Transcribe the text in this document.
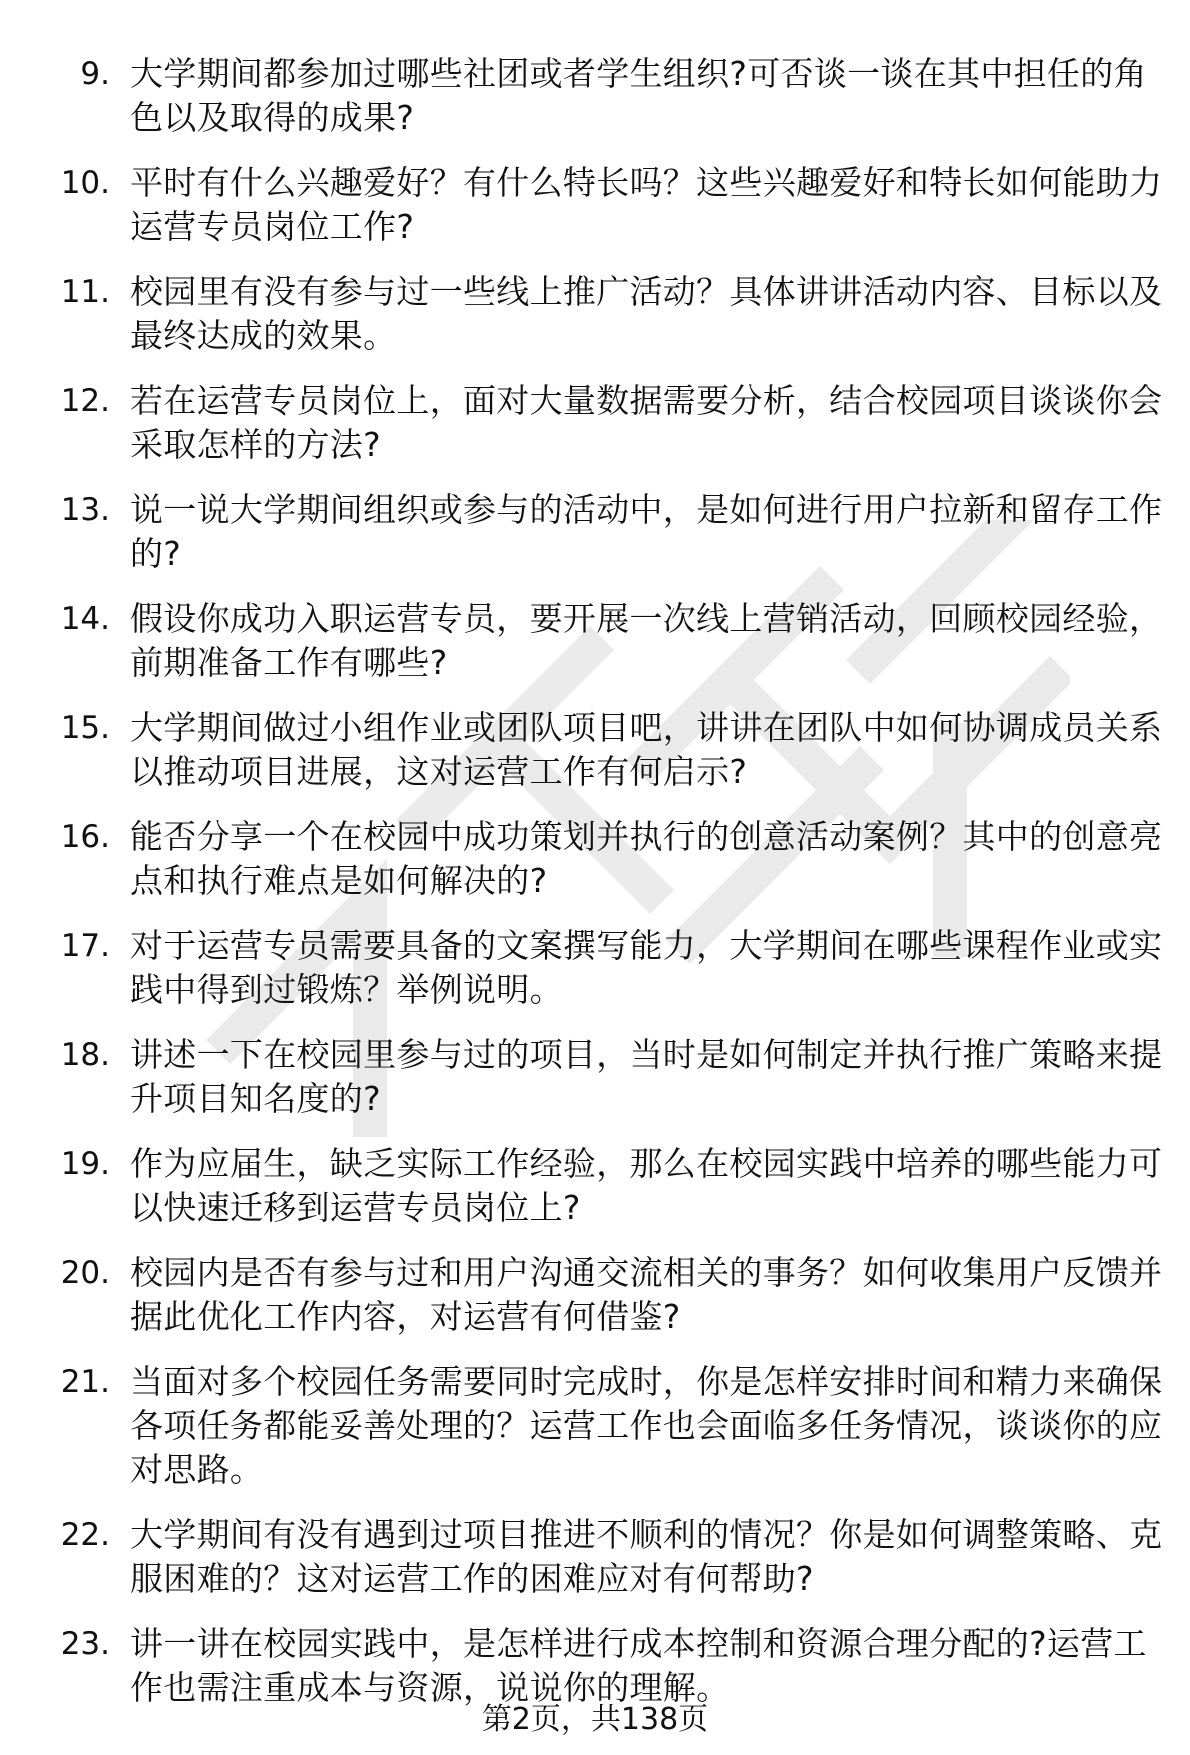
9. 大学期间都参加过哪些社团或者学生组织?可否谈一谈在其中担任的角色以及取得的成果?
10. 平时有什么兴趣爱好？有什么特长吗？这些兴趣爱好和特长如何能助力运营专员岗位工作?
11. 校园里有没有参与过一些线上推广活动？具体讲讲活动内容、目标以及最终达成的效果。
12. 若在运营专员岗位上，面对大量数据需要分析，结合校园项目谈谈你会采取怎样的方法?
13. 说一说大学期间组织或参与的活动中，是如何进行用户拉新和留存工作的?
14. 假设你成功入职运营专员，要开展一次线上营销活动，回顾校园经验，前期准备工作有哪些?
15. 大学期间做过小组作业或团队项目吧，讲讲在团队中如何协调成员关系以推动项目进展，这对运营工作有何启示?
16. 能否分享一个在校园中成功策划并执行的创意活动案例？其中的创意亮点和执行难点是如何解决的?
17. 对于运营专员需要具备的文案撰写能力，大学期间在哪些课程作业或实践中得到过锻炼？举例说明。
18. 讲述一下在校园里参与过的项目，当时是如何制定并执行推广策略来提升项目知名度的?
19. 作为应届生，缺乏实际工作经验，那么在校园实践中培养的哪些能力可以快速迁移到运营专员岗位上?
20. 校园内是否有参与过和用户沟通交流相关的事务？如何收集用户反馈并据此优化工作内容，对运营有何借鉴?
21. 当面对多个校园任务需要同时完成时，你是怎样安排时间和精力来确保各项任务都能妥善处理的？运营工作也会面临多任务情况，谈谈你的应对思路。
22. 大学期间有没有遇到过项目推进不顺利的情况？你是如何调整策略、克服困难的？这对运营工作的困难应对有何帮助?
23. 讲一讲在校园实践中，是怎样进行成本控制和资源合理分配的?运营工作也需注重成本与资源，说说你的理解。
第2页，共138页
